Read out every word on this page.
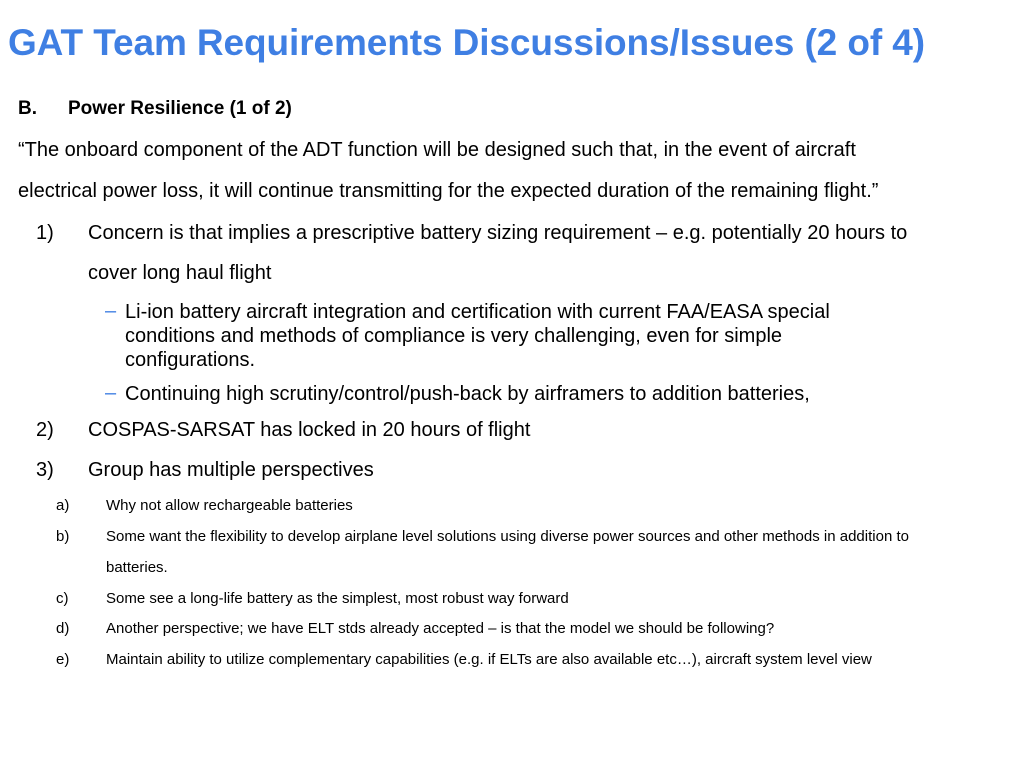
GAT Team Requirements Discussions/Issues (2 of 4)
B. Power Resilience (1 of 2)
“The onboard component of the ADT function will be designed such that, in the event of aircraft
electrical power loss, it will continue transmitting for the expected duration of the remaining flight.”
1) Concern is that implies a prescriptive battery sizing requirement – e.g. potentially 20 hours to
cover long haul flight
– Li-ion battery aircraft integration and certification with current FAA/EASA special
conditions and methods of compliance is very challenging, even for simple
configurations.
– Continuing high scrutiny/control/push-back by airframers to addition batteries,
2) COSPAS-SARSAT has locked in 20 hours of flight
3) Group has multiple perspectives
a) Why not allow rechargeable batteries
b) Some want the flexibility to develop airplane level solutions using diverse power sources and other methods in addition to
batteries.
c)	Some see a long-life battery as the simplest, most robust way forward
d) Another perspective; we have ELT stds already accepted – is that the model we should be following?
e) Maintain ability to utilize complementary capabilities (e.g. if ELTs are also available etc…), aircraft system level view
